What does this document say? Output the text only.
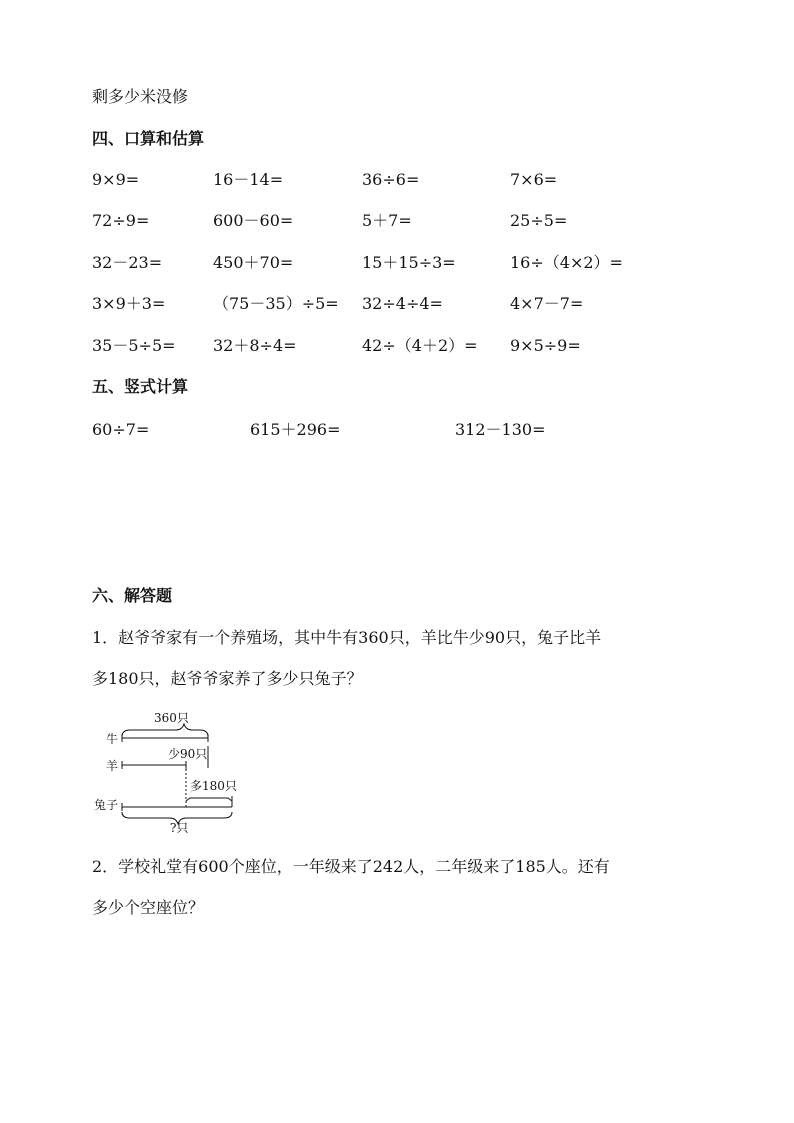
剩多少米没修
四、口算和估算
9×9=	16－14=	36÷6=	7×6=
72÷9=	600－60=	5＋7=	25÷5=
32－23=	450＋70=	15＋15÷3=	16÷（4×2）=
3×9＋3=	（75－35）÷5= 32÷4÷4=	4×7－7=
35－5÷5= 32＋8÷4=	42÷（4＋2）= 9×5÷9=
五、竖式计算
60÷7=	615＋296=	312－130=
六、解答题
1．赵爷爷家有一个养殖场，其中牛有360只，羊比牛少90只，兔子比羊
多180只，赵爷爷家养了多少只兔子？
360只
牛
少90只
羊
多180只
兔子
?只
2．学校礼堂有600个座位，一年级来了242人，二年级来了185人。还有
多少个空座位？
